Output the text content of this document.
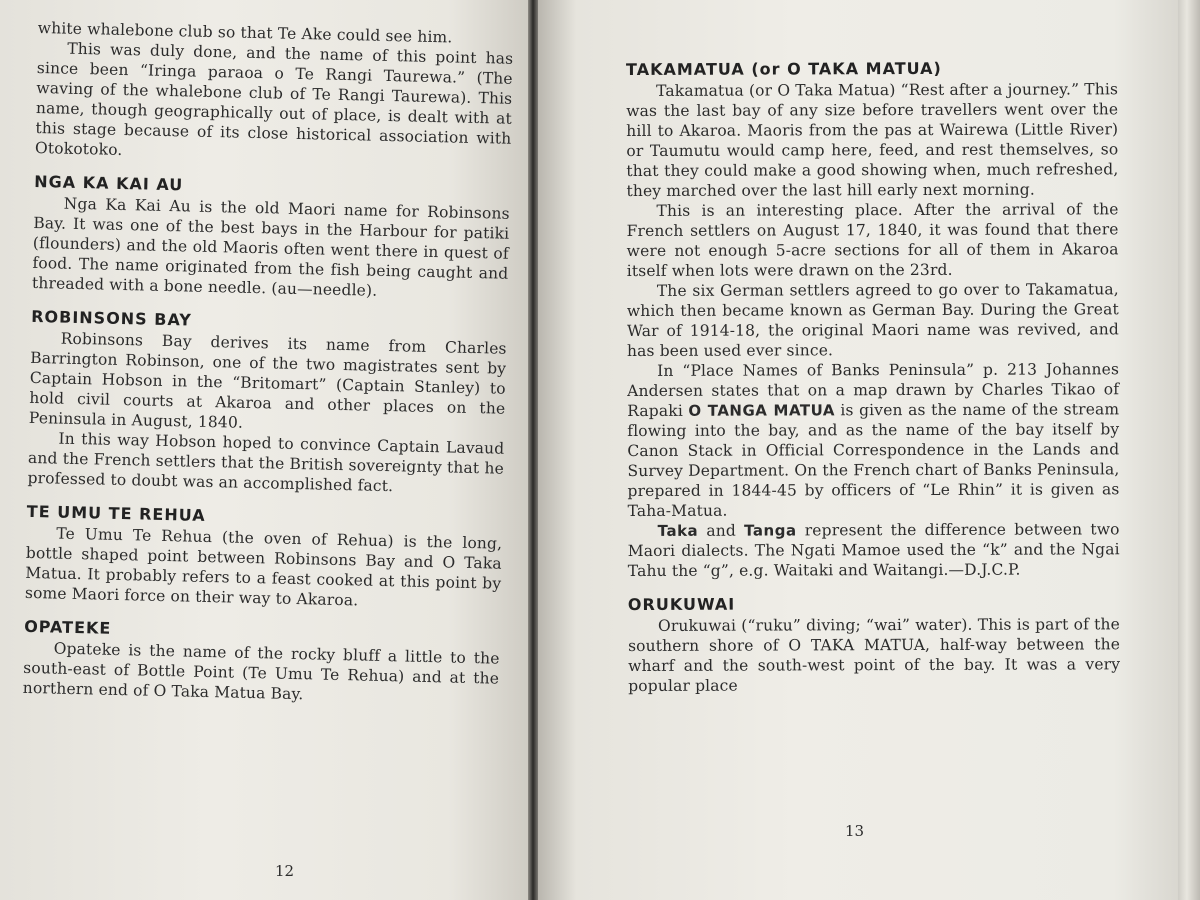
white whalebone club so that Te Ake could see him.

This was duly done, and the name of this point has since been “Iringa paraoa o Te Rangi Taurewa.” (The waving of the whalebone club of Te Rangi Taurewa). This name, though geographically out of place, is dealt with at this stage because of its close historical association with Otokotoko.

NGA KA KAI AU

Nga Ka Kai Au is the old Maori name for Robinsons Bay. It was one of the best bays in the Harbour for patiki (flounders) and the old Maoris often went there in quest of food. The name originated from the fish being caught and threaded with a bone needle. (au—needle).

ROBINSONS BAY

Robinsons Bay derives its name from Charles Barrington Robinson, one of the two magistrates sent by Captain Hobson in the “Britomart” (Captain Stanley) to hold civil courts at Akaroa and other places on the Peninsula in August, 1840.

In this way Hobson hoped to convince Captain Lavaud and the French settlers that the British sovereignty that he professed to doubt was an accomplished fact.

TE UMU TE REHUA

Te Umu Te Rehua (the oven of Rehua) is the long, bottle shaped point between Robinsons Bay and O Taka Matua. It probably refers to a feast cooked at this point by some Maori force on their way to Akaroa.

OPATEKE

Opateke is the name of the rocky bluff a little to the south-east of Bottle Point (Te Umu Te Rehua) and at the northern end of O Taka Matua Bay.

12
TAKAMATUA (or O TAKA MATUA)

Takamatua (or O Taka Matua) “Rest after a journey.” This was the last bay of any size before travellers went over the hill to Akaroa. Maoris from the pas at Wairewa (Little River) or Taumutu would camp here, feed, and rest themselves, so that they could make a good showing when, much refreshed, they marched over the last hill early next morning.

This is an interesting place. After the arrival of the French settlers on August 17, 1840, it was found that there were not enough 5-acre sections for all of them in Akaroa itself when lots were drawn on the 23rd.

The six German settlers agreed to go over to Takamatua, which then became known as German Bay. During the Great War of 1914-18, the original Maori name was revived, and has been used ever since.

In “Place Names of Banks Peninsula” p. 213 Johannes Andersen states that on a map drawn by Charles Tikao of Rapaki O TANGA MATUA is given as the name of the stream flowing into the bay, and as the name of the bay itself by Canon Stack in Official Correspondence in the Lands and Survey Department. On the French chart of Banks Peninsula, prepared in 1844-45 by officers of “Le Rhin” it is given as Taha-Matua.

Taka and Tanga represent the difference between two Maori dialects. The Ngati Mamoe used the “k” and the Ngai Tahu the “g”, e.g. Waitaki and Waitangi.—D.J.C.P.

ORUKUWAI

Orukuwai (“ruku” diving; “wai” water). This is part of the southern shore of O TAKA MATUA, half-way between the wharf and the south-west point of the bay. It was a very popular place

13
